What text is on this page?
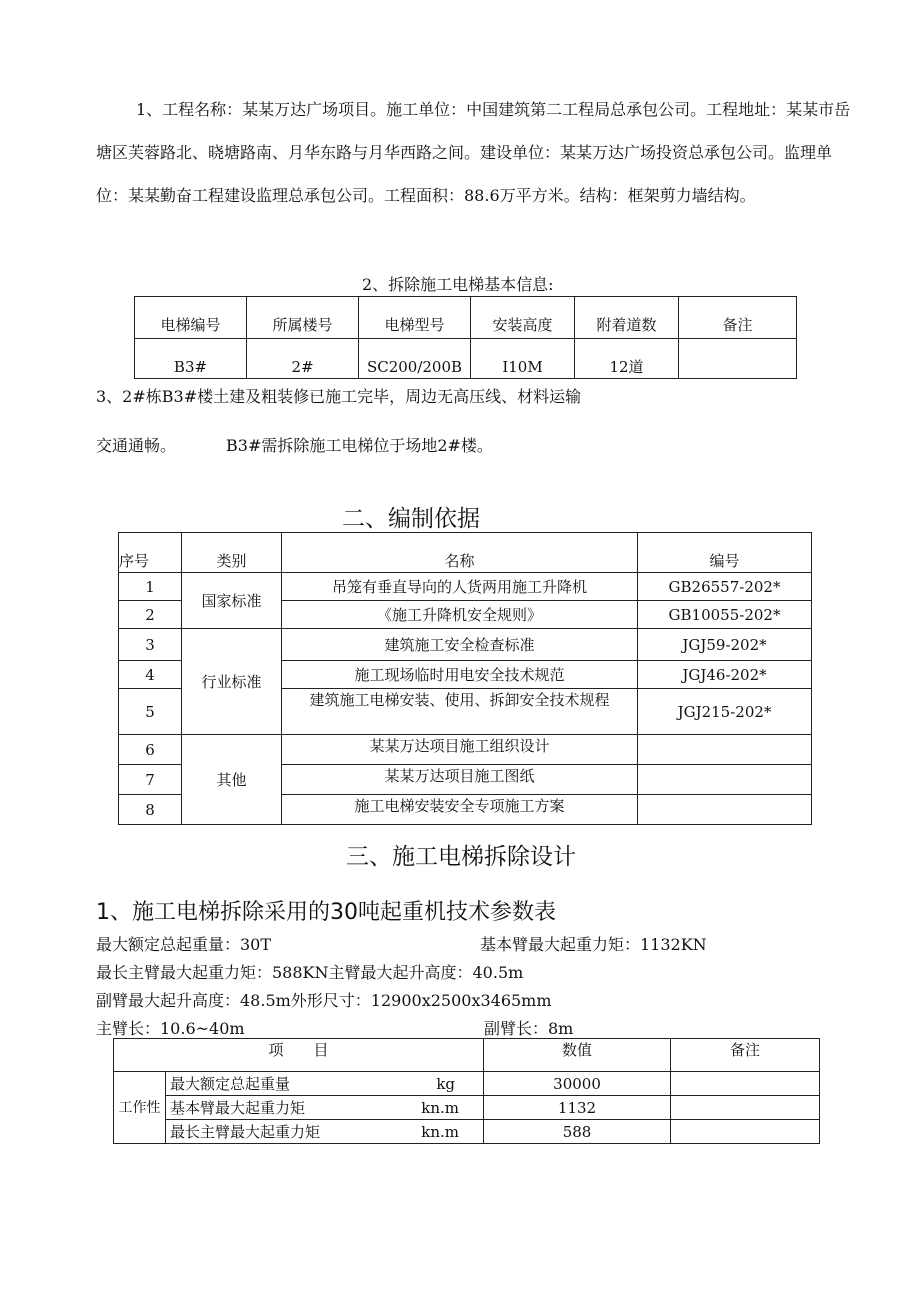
1、工程名称：某某万达广场项目。施工单位：中国建筑第二工程局总承包公司。工程地址：某某市岳塘区芙蓉路北、晓塘路南、月华东路与月华西路之间。建设单位：某某万达广场投资总承包公司。监理单位：某某勤奋工程建设监理总承包公司。工程面积：88.6万平方米。结构：框架剪力墙结构。
2、拆除施工电梯基本信息:
电梯编号	所属楼号	电梯型号	安装高度	附着道数	备注
B3#	2#	SC200/200B	I10M	12道	
3、2#栋B3#楼土建及粗装修已施工完毕，周边无高压线、材料运输
交通通畅。	B3#需拆除施工电梯位于场地2#楼。
二、编制依据
序号	类别	名称	编号
1	国家标准	吊笼有垂直导向的人货两用施工升降机	GB26557-202*
2		《施工升降机安全规则》	GB10055-202*
3	行业标准	建筑施工安全检查标准	JGJ59-202*
4		施工现场临时用电安全技术规范	JGJ46-202*
5		建筑施工电梯安装、使用、拆卸安全技术规程	JGJ215-202*
6	其他	某某万达项目施工组织设计	
7		某某万达项目施工图纸	
8		施工电梯安装安全专项施工方案	
三、施工电梯拆除设计
1、施工电梯拆除采用的30吨起重机技术参数表
最大额定总起重量：30T	基本臂最大起重力矩：1132KN
最长主臂最大起重力矩：588KN主臂最大起升高度：40.5m
副臂最大起升高度：48.5m外形尺寸：12900x2500x3465mm
主臂长：10.6~40m	副臂长：8m
项　　目		数值	备注
工作性	最大额定总起重量 kg	30000	
	基本臂最大起重力矩 kn.m	1132	
	最长主臂最大起重力矩 kn.m	588	
